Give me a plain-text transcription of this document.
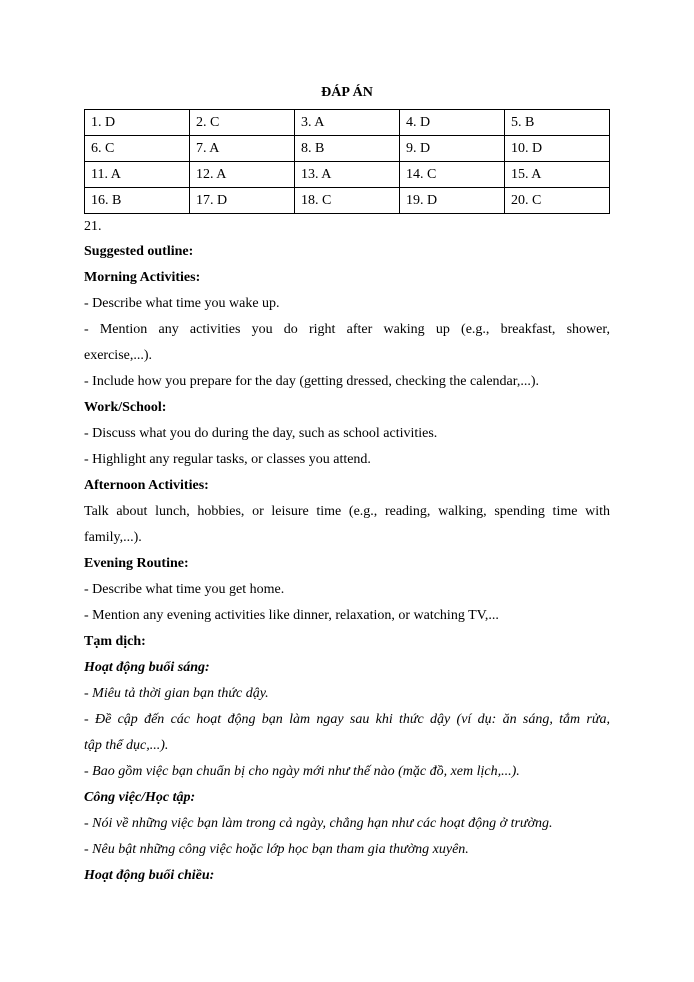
ĐÁP ÁN
1. D	2. C	3. A	4. D	5. B
6. C	7. A	8. B	9. D	10. D
11. A	12. A	13. A	14. C	15. A
16. B	17. D	18. C	19. D	20. C

21.

Suggested outline:

Morning Activities:

- Describe what time you wake up.

- Mention any activities you do right after waking up (e.g., breakfast, shower,

exercise,...).

- Include how you prepare for the day (getting dressed, checking the calendar,...).

Work/School:

- Discuss what you do during the day, such as school activities.

- Highlight any regular tasks, or classes you attend.

Afternoon Activities:

Talk about lunch, hobbies, or leisure time (e.g., reading, walking, spending time with

family,...).

Evening Routine:

- Describe what time you get home.

- Mention any evening activities like dinner, relaxation, or watching TV,...

Tạm dịch:

Hoạt động buổi sáng:

- Miêu tả thời gian bạn thức dậy.

- Đề cập đến các hoạt động bạn làm ngay sau khi thức dậy (ví dụ: ăn sáng, tắm rửa,

tập thể dục,...).

- Bao gồm việc bạn chuẩn bị cho ngày mới như thế nào (mặc đồ, xem lịch,...).

Công việc/Học tập:

- Nói về những việc bạn làm trong cả ngày, chẳng hạn như các hoạt động ở trường.

- Nêu bật những công việc hoặc lớp học bạn tham gia thường xuyên.

Hoạt động buổi chiều:
